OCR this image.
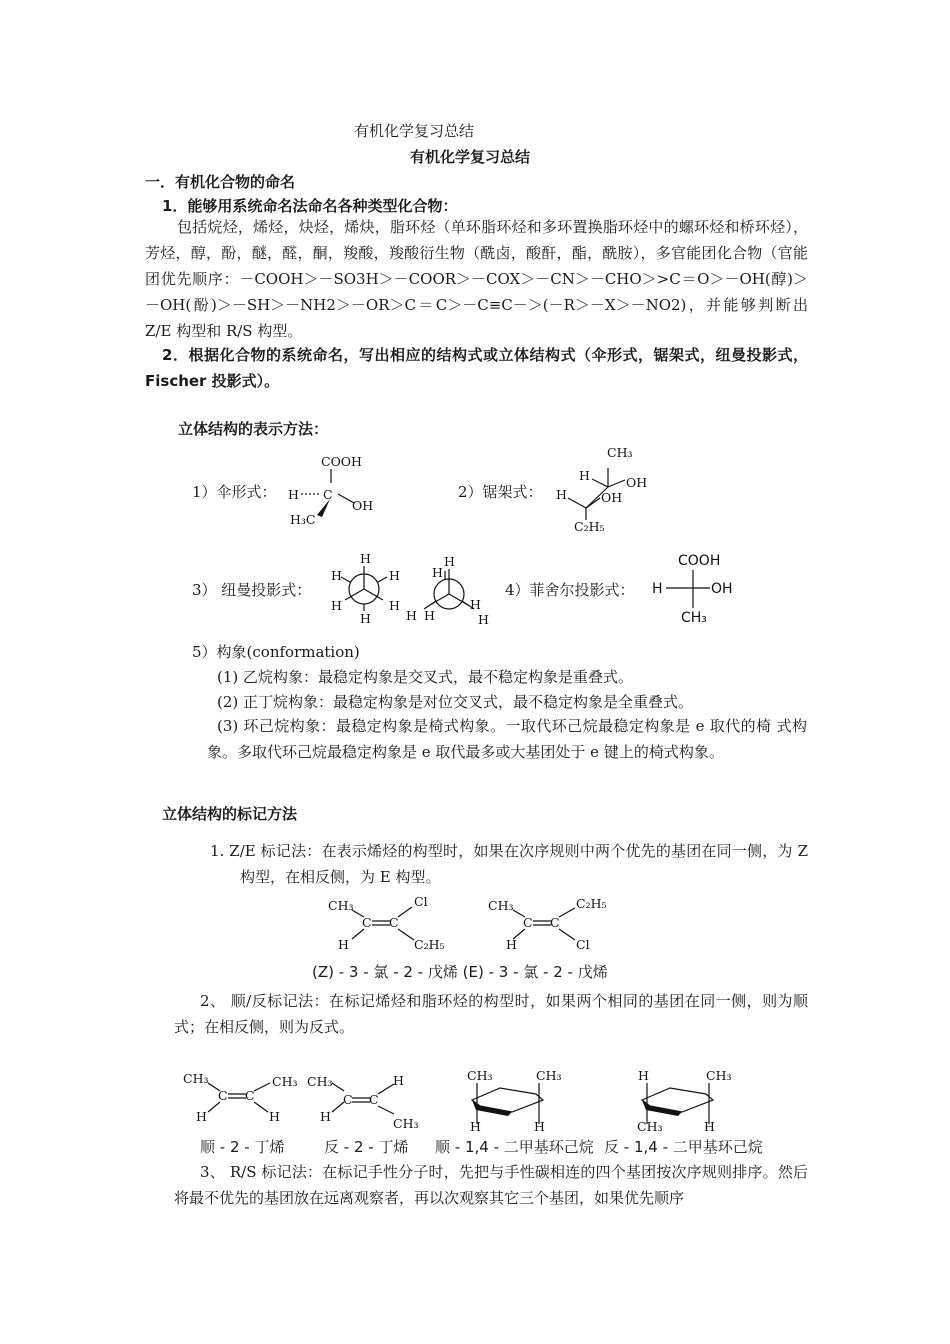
有机化学复习总结
有机化学复习总结
一．有机化合物的命名
1．能够用系统命名法命名各种类型化合物：
包括烷烃，烯烃，炔烃，烯炔，脂环烃（单环脂环烃和多环置换脂环烃中的螺环烃和桥环烃），芳烃，醇，酚，醚，醛，酮，羧酸，羧酸衍生物（酰卤，酸酐，酯，酰胺），多官能团化合物（官能团优先顺序：－COOH＞－SO3H＞－COOR＞－COX＞－CN＞－CHO＞>C＝O＞－OH(醇)＞－OH(酚)＞－SH＞－NH2＞－OR＞C＝C＞－C≡C－＞(－R＞－X＞－NO2)，并能够判断出 Z/E 构型和 R/S 构型。
2．根据化合物的系统命名，写出相应的结构式或立体结构式（伞形式，锯架式，纽曼投影式，Fischer 投影式）。
立体结构的表示方法：
1）伞形式：	2）锯架式：
3） 纽曼投影式：	4）菲舍尔投影式：
5）构象(conformation)
(1) 乙烷构象：最稳定构象是交叉式，最不稳定构象是重叠式。
(2) 正丁烷构象：最稳定构象是对位交叉式，最不稳定构象是全重叠式。
(3) 环己烷构象：最稳定构象是椅式构象。一取代环己烷最稳定构象是 e 取代的椅 式构象。多取代环己烷最稳定构象是 e 取代最多或大基团处于 e 键上的椅式构象。
立体结构的标记方法
1. Z/E 标记法：在表示烯烃的构型时，如果在次序规则中两个优先的基团在同一侧，为 Z 构型，在相反侧，为 E 构型。
(Z) - 3 - 氯 - 2 - 戊烯 (E) - 3 - 氯 - 2 - 戊烯
2、 顺/反标记法：在标记烯烃和脂环烃的构型时，如果两个相同的基团在同一侧，则为顺式；在相反侧，则为反式。
顺 - 2 - 丁烯	反 - 2 - 丁烯 顺 - 1,4 - 二甲基环己烷 反 - 1,4 - 二甲基环己烷
3、 R/S 标记法：在标记手性分子时，先把与手性碳相连的四个基团按次序规则排序。然后将最不优先的基团放在远离观察者，再以次观察其它三个基团，如果优先顺序
COOH
C
H
OH
H₃C
CH₃
H	OH
H	OH
C₂H₅
H
H	H
H	H
H
H
H
H
H H	H
COOH
H	OH
CH₃
CH₃
C C
Cl
H	C₂H₅
CH₃
C C
C₂H₅
H	Cl
CH₃
C C
CH₃
H	H
CH₃
C C
H
H	CH₃
CH₃	CH₃
H	H
H	CH₃
CH₃	H
